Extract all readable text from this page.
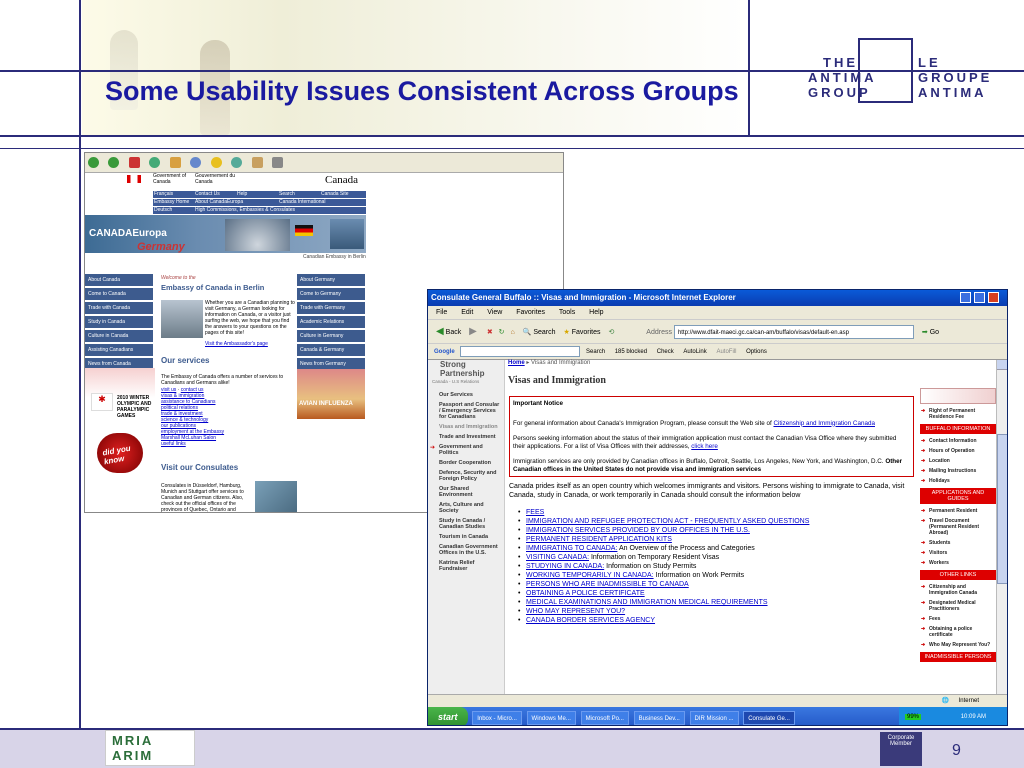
Some Usability Issues Consistent Across Groups
THE
ANTIMA
GROUP
LE
GROUPE
ANTIMA

Government of Canada
Gouvernement du Canada	Canada
Français	Contact Us	Help	Search	Canada Site
Embassy Home About CanadaEuropa	Canada International
Deutsch	High Commissions, Embassies & Consulates
CANADAEuropa
Germany
Canadian Embassy in Berlin
About Canada
Come to Canada
Trade with Canada
Study in Canada
Culture in Canada
Assisting Canadians
News from Canada
About Germany
Come to Germany
Trade with Germany
Academic Relations
Culture in Germany
Canada & Germany
News from Germany
Welcome to the
Embassy of Canada in Berlin
Whether you are a Canadian planning to visit Germany, a German looking for information on Canada, or a visitor just surfing the web, we hope that you find the answers to your questions on the pages of this site!
Visit the Ambassador's page
Our services
The Embassy of Canada offers a number of services to Canadians and Germans alike!
visit us · contact us
visas & immigration
assistance to Canadians
political relations
trade & investment
science & technology
our publications
employment at the Embassy
Marshall McLuhan Salon
useful links
✱	2010 WINTER OLYMPIC AND PARALYMPIC GAMES
AVIAN INFLUENZA
did you know
Visit our Consulates
Consulates in Düsseldorf, Hamburg, Munich and Stuttgart offer services to Canadian and German citizens. Also, check out the official offices of the provinces of Quebec, Ontario and
Consulate General Buffalo :: Visas and Immigration - Microsoft Internet Explorer
File Edit View Favorites Tools Help
◀ Back ▶ ✖ ↻ ⌂ 🔍 Search ★ Favorites ⟲	Address http://www.dfait-maeci.gc.ca/can-am/buffalo/visas/default-en.asp	➡ Go
Google	Search 185 blocked Check AutoLink AutoFill Options
Strong Partnership
Canada - U.S Relations
Our Services
Passport and Consular / Emergency Services for Canadians
Visas and Immigration
Trade and Investment
Government and Politics
Border Cooperation
Defence, Security and Foreign Policy
Our Shared Environment
Arts, Culture and Society
Study in Canada / Canadian Studies
Tourism in Canada
Canadian Government Offices in the U.S.
Katrina Relief Fundraiser
➔
Home ▸ Visas and Immigration
Visas and Immigration
Important Notice
For general information about Canada's Immigration Program, please consult the Web site of Citizenship and Immigration Canada
Persons seeking information about the status of their immigration application must contact the Canadian Visa Office where they submitted their applications. For a list of Visa Offices with their addresses, click here
Immigration services are only provided by Canadian offices in Buffalo, Detroit, Seattle, Los Angeles, New York, and Washington, D.C. Other Canadian offices in the United States do not provide visa and immigration services
Canada prides itself as an open country which welcomes immigrants and visitors. Persons wishing to immigrate to Canada, visit Canada, study in Canada, or work temporarily in Canada should consult the information below
• FEES
• IMMIGRATION AND REFUGEE PROTECTION ACT - FREQUENTLY ASKED QUESTIONS
• IMMIGRATION SERVICES PROVIDED BY OUR OFFICES IN THE U.S.
• PERMANENT RESIDENT APPLICATION KITS
• IMMIGRATING TO CANADA: An Overview of the Process and Categories
• VISITING CANADA: Information on Temporary Resident Visas
• STUDYING IN CANADA: Information on Study Permits
• WORKING TEMPORARILY IN CANADA: Information on Work Permits
• PERSONS WHO ARE INADMISSIBLE TO CANADA
• OBTAINING A POLICE CERTIFICATE
• MEDICAL EXAMINATIONS AND IMMIGRATION MEDICAL REQUIREMENTS
• WHO MAY REPRESENT YOU?
• CANADA BORDER SERVICES AGENCY
➔ Right of Permanent Residence Fee
BUFFALO INFORMATION
➔ Contact Information
➔ Hours of Operation
➔ Location
➔ Mailing Instructions
➔ Holidays
APPLICATIONS AND GUIDES
➔ Permanent Resident
➔ Travel Document (Permanent Resident Abroad)
➔ Students
➔ Visitors
➔ Workers
OTHER LINKS
➔ Citizenship and Immigration Canada
➔ Designated Medical Practitioners
➔ Fees
➔ Obtaining a police certificate
➔ Who May Represent You?
INADMISSIBLE PERSONS
🌐 Internet
start	Inbox - Micro... Windows Me... Microsoft Po... Business Dev... DIR Mission ... Consulate Ge...	99%	10:09 AM
MRIA ARIM
Corporate Member	9
